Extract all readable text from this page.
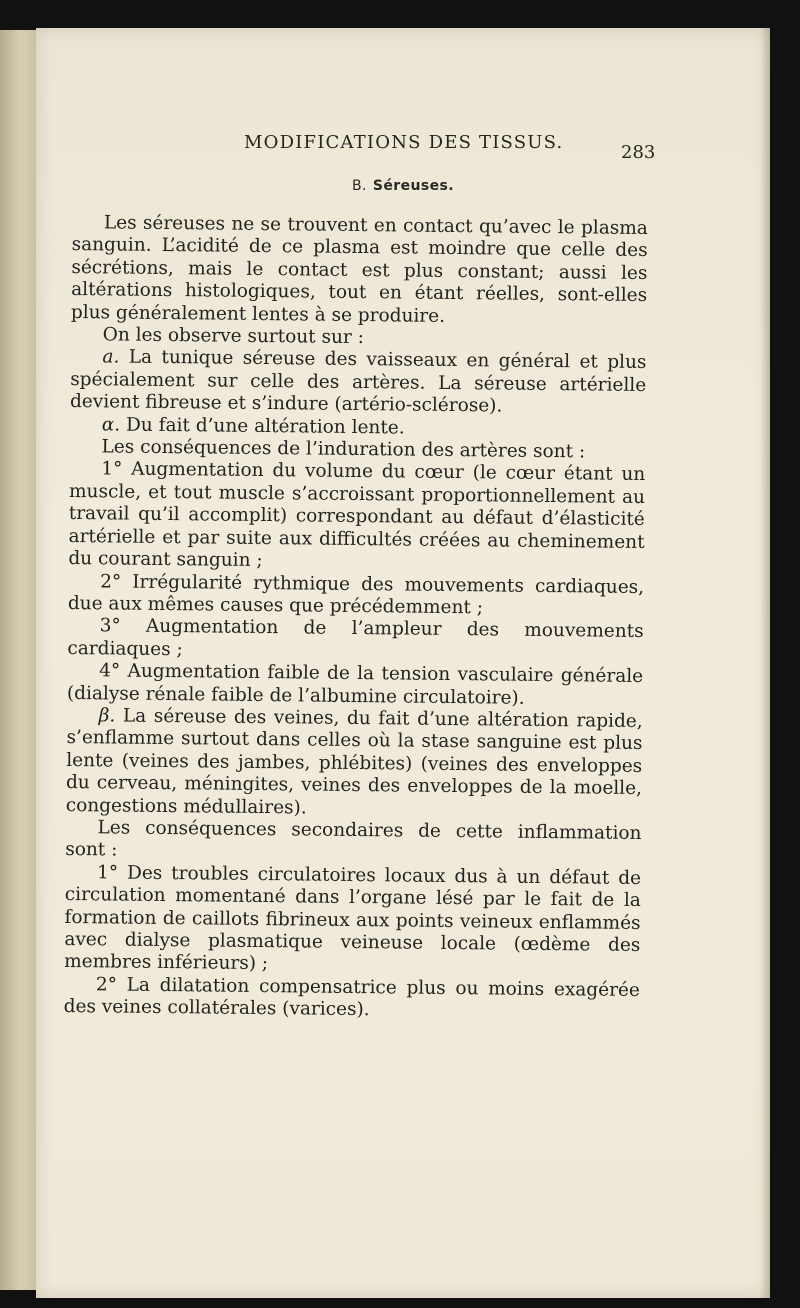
MODIFICATIONS DES TISSUS.	283
B. Séreuses.

Les séreuses ne se trouvent en contact qu’avec le plasma sanguin. L’acidité de ce plasma est moindre que celle des sécrétions, mais le contact est plus constant; aussi les altérations histologiques, tout en étant réelles, sont-elles plus généralement lentes à se produire.

On les observe surtout sur :

a. La tunique séreuse des vaisseaux en général et plus spécialement sur celle des artères. La séreuse artérielle devient fibreuse et s’indure (artério-sclérose).

α. Du fait d’une altération lente.

Les conséquences de l’induration des artères sont :

1° Augmentation du volume du cœur (le cœur étant un muscle, et tout muscle s’accroissant proportionnellement au travail qu’il accomplit) correspondant au défaut d’élasticité artérielle et par suite aux difficultés créées au cheminement du courant sanguin ;

2° Irrégularité rythmique des mouvements cardiaques, due aux mêmes causes que précédemment ;

3° Augmentation de l’ampleur des mouvements cardiaques ;

4° Augmentation faible de la tension vasculaire générale (dialyse rénale faible de l’albumine circulatoire).

β. La séreuse des veines, du fait d’une altération rapide, s’enflamme surtout dans celles où la stase sanguine est plus lente (veines des jambes, phlébites) (veines des enveloppes du cerveau, méningites, veines des enveloppes de la moelle, congestions médullaires).

Les conséquences secondaires de cette inflammation sont :

1° Des troubles circulatoires locaux dus à un défaut de circulation momentané dans l’organe lésé par le fait de la formation de caillots fibrineux aux points veineux enflammés avec dialyse plasmatique veineuse locale (œdème des membres inférieurs) ;

2° La dilatation compensatrice plus ou moins exagérée des veines collatérales (varices).
